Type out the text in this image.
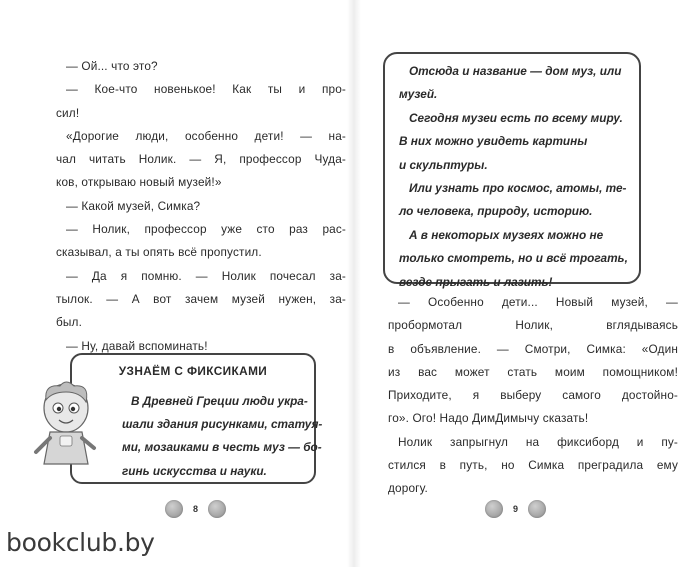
— Ой... что это?

— Кое-что новенькое! Как ты и про-

сил!

«Дорогие люди, особенно дети! — на-

чал читать Нолик. — Я, профессор Чуда-

ков, открываю новый музей!»

— Какой музей, Симка?

— Нолик, профессор уже сто раз рас-

сказывал, а ты опять всё пропустил.

— Да я помню. — Нолик почесал за-

тылок. — А вот зачем музей нужен, за-

был.

— Ну, давай вспоминать!

УЗНАЁМ С ФИКСИКАМИ

В Древней Греции люди укра-

шали здания рисунками, статуя-

ми, мозаиками в честь муз — бо-

гинь искусства и науки.

Отсюда и название — дом муз, или

музей.

Сегодня музеи есть по всему миру.

В них можно увидеть картины

и скульптуры.

Или узнать про космос, атомы, те-

ло человека, природу, историю.

А в некоторых музеях можно не

только смотреть, но и всё трогать,

везде прыгать и лазить!

— Особенно дети... Новый музей, —

пробормотал Нолик, вглядываясь

в объявление. — Смотри, Симка: «Один

из вас может стать моим помощником!

Приходите, я выберу самого достойно-

го». Ого! Надо ДимДимычу сказать!

Нолик запрыгнул на фиксиборд и пу-

стился в путь, но Симка преградила ему

дорогу.

8	9
bookclub.by
